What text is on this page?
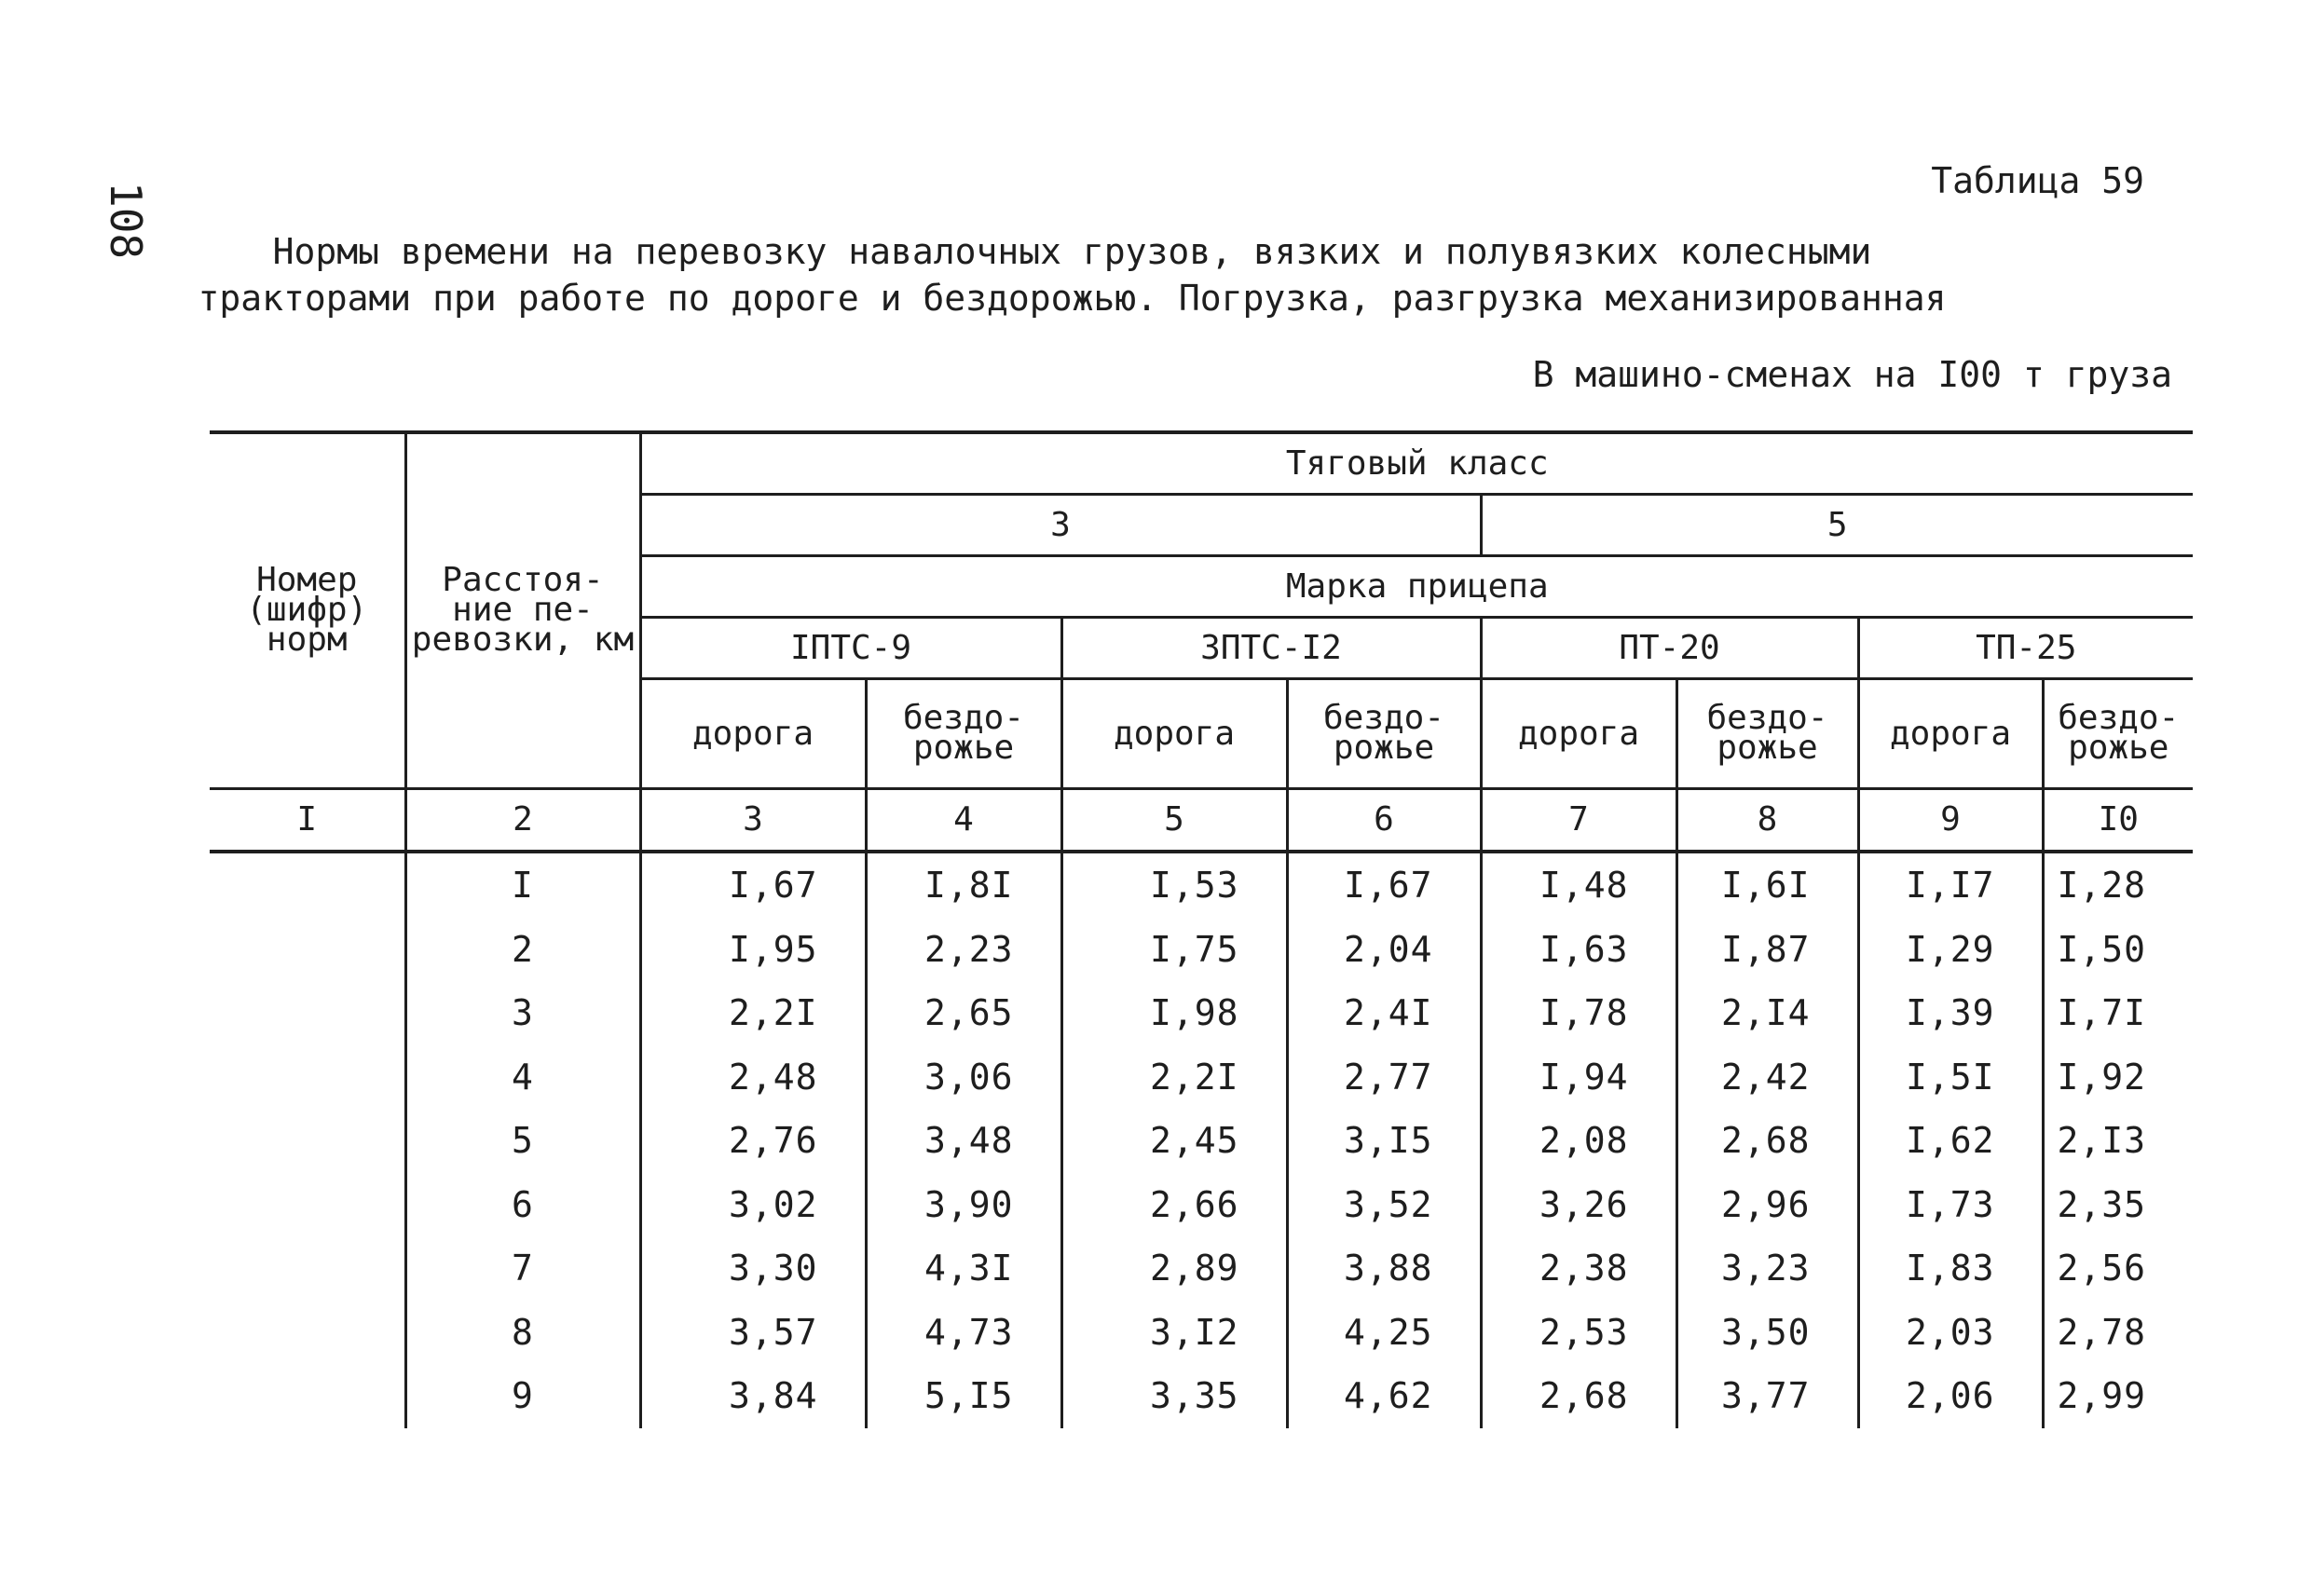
108
Таблица 59
Нормы времени на перевозку навалочных грузов, вязких и полувязких колесными
тракторами при работе по дороге и бездорожью. Погрузка, разгрузка механизированная
В машино-сменах на I00 т груза
Номер (шифр) норм	Расстоя- ние пе- ревозки, км	Тяговый класс							
		3				5			
		Марка прицепа							
		IПТС-9		3ПТС-I2		ПТ-20		ТП-25	
		дорога	бездо- рожье	дорога	бездо- рожье	дорога	бездо- рожье	дорога	бездо- рожье
I	2	3	4	5	6	7	8	9	I0
	I	I,67	I,8I	I,53	I,67	I,48	I,6I	I,I7	I,28
	2	I,95	2,23	I,75	2,04	I,63	I,87	I,29	I,50
	3	2,2I	2,65	I,98	2,4I	I,78	2,I4	I,39	I,7I
	4	2,48	3,06	2,2I	2,77	I,94	2,42	I,5I	I,92
	5	2,76	3,48	2,45	3,I5	2,08	2,68	I,62	2,I3
	6	3,02	3,90	2,66	3,52	3,26	2,96	I,73	2,35
	7	3,30	4,3I	2,89	3,88	2,38	3,23	I,83	2,56
	8	3,57	4,73	3,I2	4,25	2,53	3,50	2,03	2,78
	9	3,84	5,I5	3,35	4,62	2,68	3,77	2,06	2,99
